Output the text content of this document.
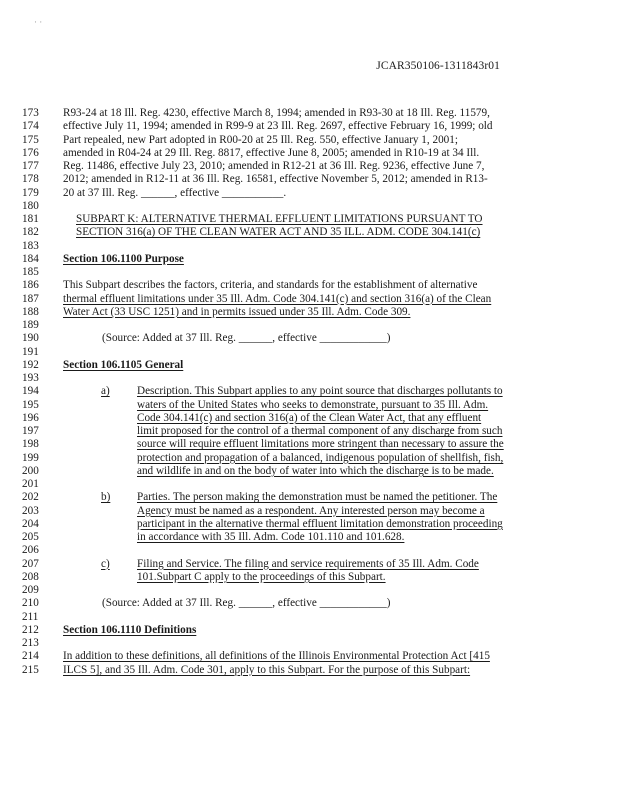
· ·
JCAR350106-1311843r01
173 R93-24 at 18 Ill. Reg. 4230, effective March 8, 1994; amended in R93-30 at 18 Ill. Reg. 11579,
174 effective July 11, 1994; amended in R99-9 at 23 Ill. Reg. 2697, effective February 16, 1999; old
175 Part repealed, new Part adopted in R00-20 at 25 Ill. Reg. 550, effective January 1, 2001;
176 amended in R04-24 at 29 Ill. Reg. 8817, effective June 8, 2005; amended in R10-19 at 34 Ill.
177 Reg. 11486, effective July 23, 2010; amended in R12-21 at 36 Ill. Reg. 9236, effective June 7,
178 2012; amended in R12-11 at 36 Ill. Reg. 16581, effective November 5, 2012; amended in R13-
179 20 at 37 Ill. Reg. ______, effective ___________.
180
181	SUBPART K: ALTERNATIVE THERMAL EFFLUENT LIMITATIONS PURSUANT TO
182	SECTION 316(a) OF THE CLEAN WATER ACT AND 35 ILL. ADM. CODE 304.141(c)
183
184 Section 106.1100 Purpose
185
186 This Subpart describes the factors, criteria, and standards for the establishment of alternative
187 thermal effluent limitations under 35 Ill. Adm. Code 304.141(c) and section 316(a) of the Clean
188 Water Act (33 USC 1251) and in permits issued under 35 Ill. Adm. Code 309.
189
190	(Source: Added at 37 Ill. Reg. ______, effective ____________)
191
192 Section 106.1105 General
193
194	a) Description. This Subpart applies to any point source that discharges pollutants to
195	waters of the United States who seeks to demonstrate, pursuant to 35 Ill. Adm.
196	Code 304.141(c) and section 316(a) of the Clean Water Act, that any effluent
197	limit proposed for the control of a thermal component of any discharge from such
198	source will require effluent limitations more stringent than necessary to assure the
199	protection and propagation of a balanced, indigenous population of shellfish, fish,
200	and wildlife in and on the body of water into which the discharge is to be made.
201
202	b) Parties. The person making the demonstration must be named the petitioner. The
203	Agency must be named as a respondent. Any interested person may become a
204	participant in the alternative thermal effluent limitation demonstration proceeding
205	in accordance with 35 Ill. Adm. Code 101.110 and 101.628.
206
207	c) Filing and Service. The filing and service requirements of 35 Ill. Adm. Code
208	101.Subpart C apply to the proceedings of this Subpart.
209
210	(Source: Added at 37 Ill. Reg. ______, effective ____________)
211
212 Section 106.1110 Definitions
213
214 In addition to these definitions, all definitions of the Illinois Environmental Protection Act [415
215 ILCS 5], and 35 Ill. Adm. Code 301, apply to this Subpart. For the purpose of this Subpart:
